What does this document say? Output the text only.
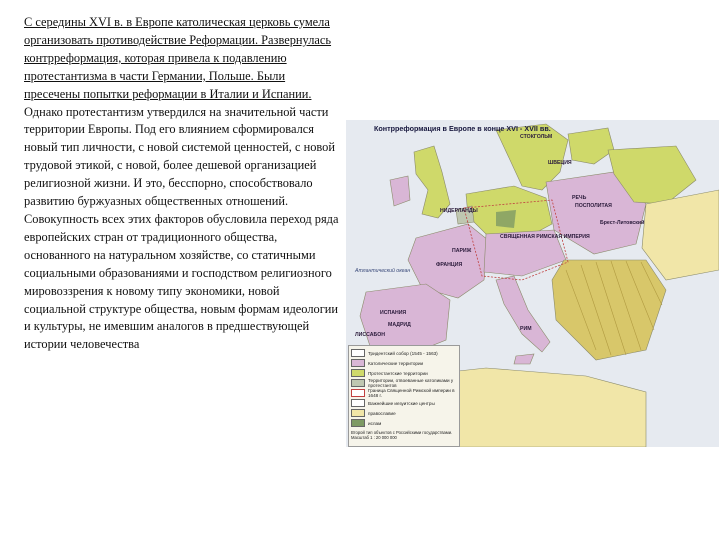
С середины XVI в. в Европе католическая церковь сумела организовать противодействие Реформации. Развернулась контрреформация, которая привела к подавлению протестантизма в части Германии, Польше. Были пресечены попытки реформации в Италии и Испании. Однако протестантизм утвердился на значительной части территории Европы. Под его влиянием сформировался новый тип личности, с новой системой ценностей, с новой трудовой этикой, с новой, более дешевой организацией религиозной жизни. И это, бесспорно, способствовало развитию буржуазных общественных отношений.

Совокупность всех этих факторов обусловила переход ряда европейских стран от традиционного общества, основанного на натуральном хозяйстве, со статичными социальными образованиями и господством религиозного мировоззрения к новому типу экономики, новой социальной структуре общества, новым формам идеологии и культуры, не имевшим аналогов в предшествующей истории человечества

Контрреформация в Европе в конце XVI - XVII вв.
СТОКГОЛЬМ
ШВЕЦИЯ
РЕЧЬ
ПОСПОЛИТАЯ
Брест-Литовский
НИДЕРЛАНДЫ
ФРАНЦИЯ
ИСПАНИЯ
СВЯЩЕННАЯ РИМСКАЯ ИМПЕРИЯ
РИМ
МАДРИД
ПАРИЖ
ЛИССАБОН
Атлантический океан
Тридентский собор (1545 - 1563)
Католические территории
Протестантские территории
Территории, отвоеванные католиками у протестантов
Граница Священной Римской империи в 1648 г.
Важнейшие иезуитские центры
православие
ислам
Второй тип объектов с Российскими государствами. Масштаб 1 : 20 000 000
